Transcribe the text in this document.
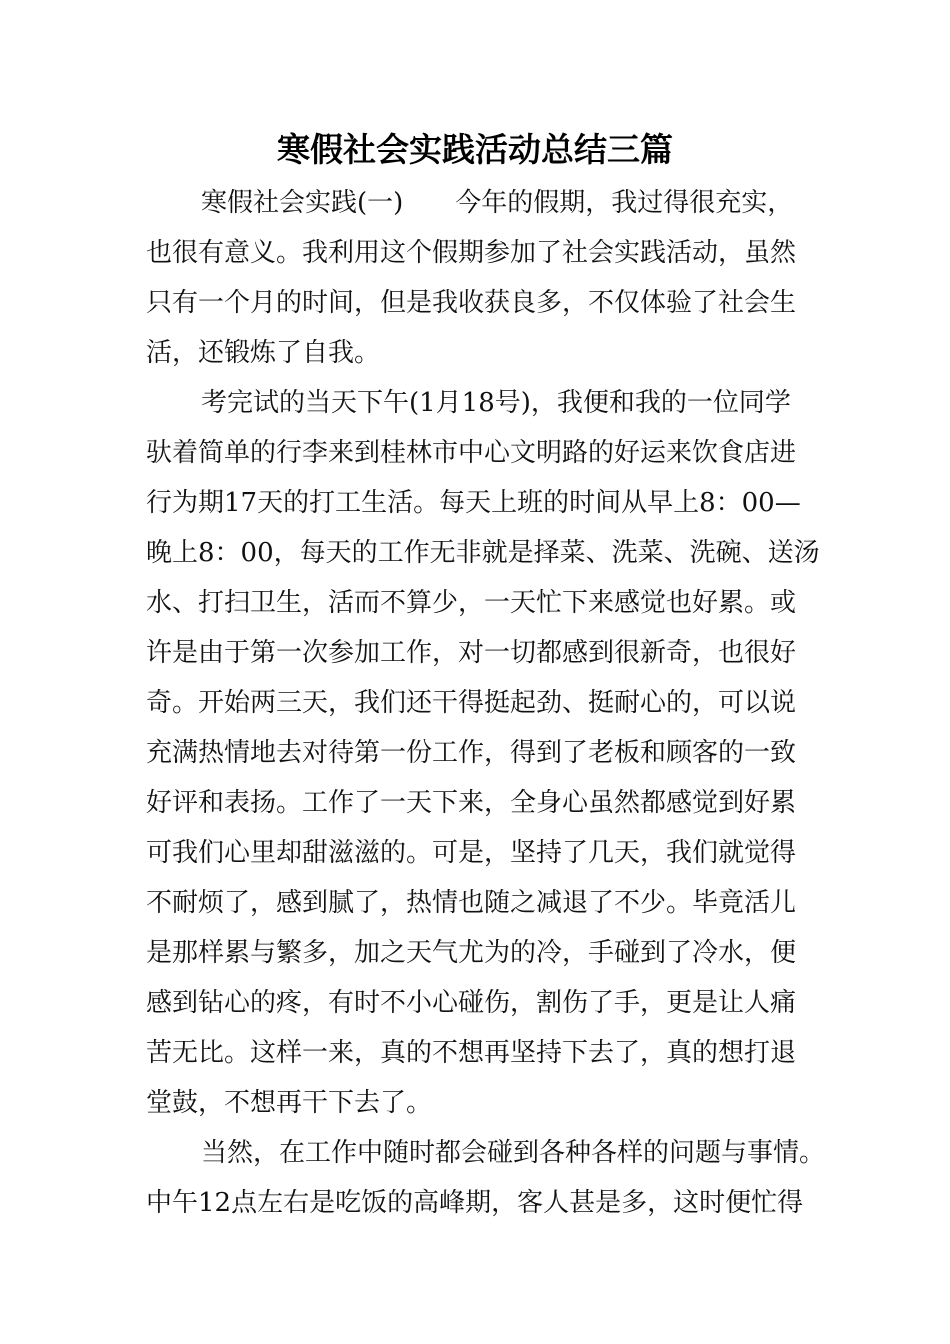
寒假社会实践活动总结三篇
寒假社会实践(一)　　今年的假期，我过得很充实，
也很有意义。我利用这个假期参加了社会实践活动，虽然
只有一个月的时间，但是我收获良多，不仅体验了社会生
活，还锻炼了自我。
考完试的当天下午(1月18号)，我便和我的一位同学
驮着简单的行李来到桂林市中心文明路的好运来饮食店进
行为期17天的打工生活。每天上班的时间从早上8：00—
晚上8：00，每天的工作无非就是择菜、洗菜、洗碗、送汤
水、打扫卫生，活而不算少，一天忙下来感觉也好累。或
许是由于第一次参加工作，对一切都感到很新奇，也很好
奇。开始两三天，我们还干得挺起劲、挺耐心的，可以说
充满热情地去对待第一份工作，得到了老板和顾客的一致
好评和表扬。工作了一天下来，全身心虽然都感觉到好累
可我们心里却甜滋滋的。可是，坚持了几天，我们就觉得
不耐烦了，感到腻了，热情也随之减退了不少。毕竟活儿
是那样累与繁多，加之天气尤为的冷，手碰到了冷水，便
感到钻心的疼，有时不小心碰伤，割伤了手，更是让人痛
苦无比。这样一来，真的不想再坚持下去了，真的想打退
堂鼓，不想再干下去了。
当然，在工作中随时都会碰到各种各样的问题与事情。
中午12点左右是吃饭的高峰期，客人甚是多，这时便忙得
